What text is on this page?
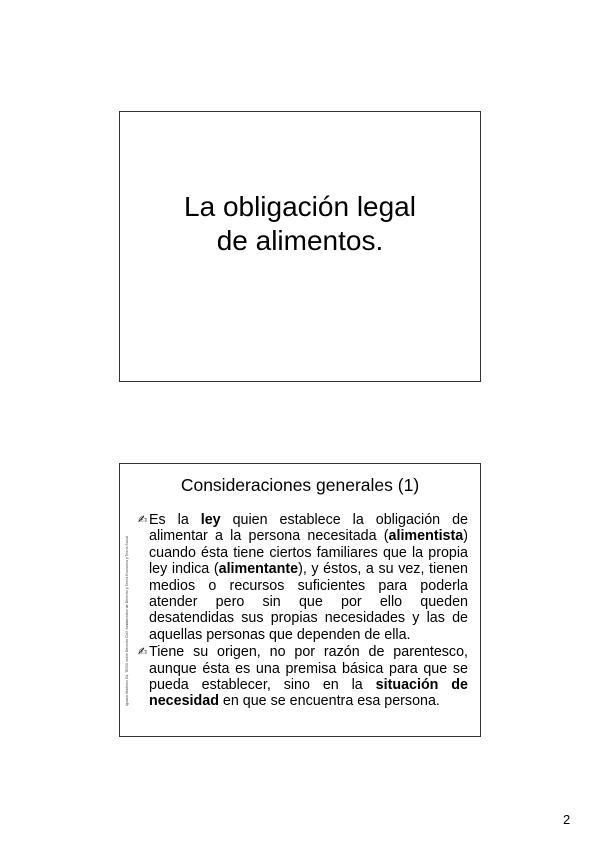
La obligación legal
de alimentos.
Consideraciones generales (1)
Ignacio Martínez Gil, TESIS sobre Derecho Civil: fundamentos de Derecho y Teoría Economía y Teoría Social
✍︎ Es la ley quien establece la obligación de alimentar a la persona necesitada (alimentista) cuando ésta tiene ciertos familiares que la propia ley indica (alimentante), y éstos, a su vez, tienen medios o recursos suficientes para poderla atender pero sin que por ello queden desatendidas sus propias necesidades y las de aquellas personas que dependen de ella.
✍︎ Tiene su origen, no por razón de parentesco, aunque ésta es una premisa básica para que se pueda establecer, sino en la situación de necesidad en que se encuentra esa persona.
2
